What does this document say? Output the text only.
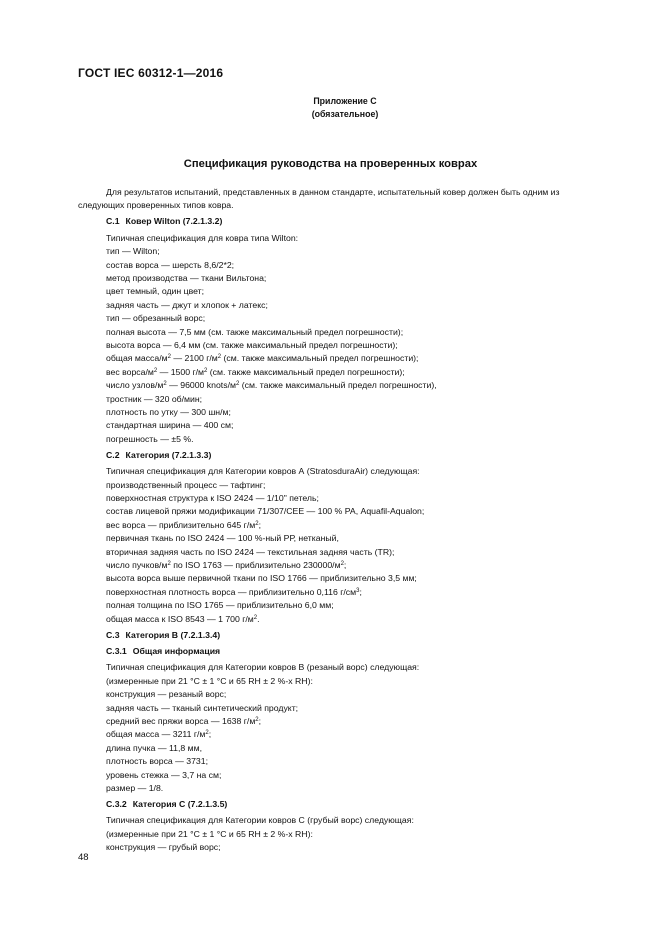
ГОСТ IEC 60312-1—2016
Приложение С
(обязательное)
Спецификация руководства на проверенных коврах

Для результатов испытаний, представленных в данном стандарте, испытательный ковер должен быть одним из следующих проверенных типов ковра.

С.1 Ковер Wilton (7.2.1.3.2)
Типичная спецификация для ковра типа Wilton:
тип — Wilton;
состав ворса — шерсть 8,6/2*2;
метод производства — ткани Вильтона;
цвет темный, один цвет;
задняя часть — джут и хлопок + латекс;
тип — обрезанный ворс;
полная высота — 7,5 мм (см. также максимальный предел погрешности);
высота ворса — 6,4 мм (см. также максимальный предел погрешности);
общая масса/$м^2$ — 2100 $г/м^2$ (см. также максимальный предел погрешности);
вес ворса/$м^2$ — 1500 $г/м^2$ (см. также максимальный предел погрешности);
число узлов/$м^2$ — 96000 knots/$м^2$ (см. также максимальный предел погрешности),
тростник — 320 об/мин;
плотность по утку — 300 шн/м;
стандартная ширина — 400 см;
погрешность — ±5 %.
С.2 Категория (7.2.1.3.3)
Типичная спецификация для Категории ковров А (StratosduraAir) следующая:
производственный процесс — тафтинг;
поверхностная структура к ISO 2424 — 1/10" петель;
состав лицевой пряжи модификации 71/307/CEE — 100 % РА, Aquafil-Aqualon;
вес ворса — приблизительно 645 $г/м^2$;
первичная ткань по ISO 2424 — 100 %-ный РР, нетканый,
вторичная задняя часть по ISO 2424 — текстильная задняя часть (TR);
число пучков/$м^2$ по ISO 1763 — приблизительно $230000/м^2$;
высота ворса выше первичной ткани по ISO 1766 — приблизительно 3,5 мм;
поверхностная плотность ворса — приблизительно 0,116 $г/см^3$;
полная толщина по ISO 1765 — приблизительно 6,0 мм;
общая масса к ISO 8543 — 1 700 $г/м^2$.
С.3 Категория В (7.2.1.3.4)
С.3.1 Общая информация
Типичная спецификация для Категории ковров В (резаный ворс) следующая:
(измеренные при 21 °С ± 1 °С и 65 RH ± 2 %-х RH):
конструкция — резаный ворс;
задняя часть — тканый синтетический продукт;
средний вес пряжи ворса — 1638 $г/м^2$;
общая масса — 3211 $г/м^2$;
длина пучка — 11,8 мм,
плотность ворса — 3731;
уровень стежка — 3,7 на см;
размер — 1/8.
С.3.2 Категория С (7.2.1.3.5)
Типичная спецификация для Категории ковров С (грубый ворс) следующая:
(измеренные при 21 °С ± 1 °С и 65 RH ± 2 %-х RH):
конструкция — грубый ворс;
48
